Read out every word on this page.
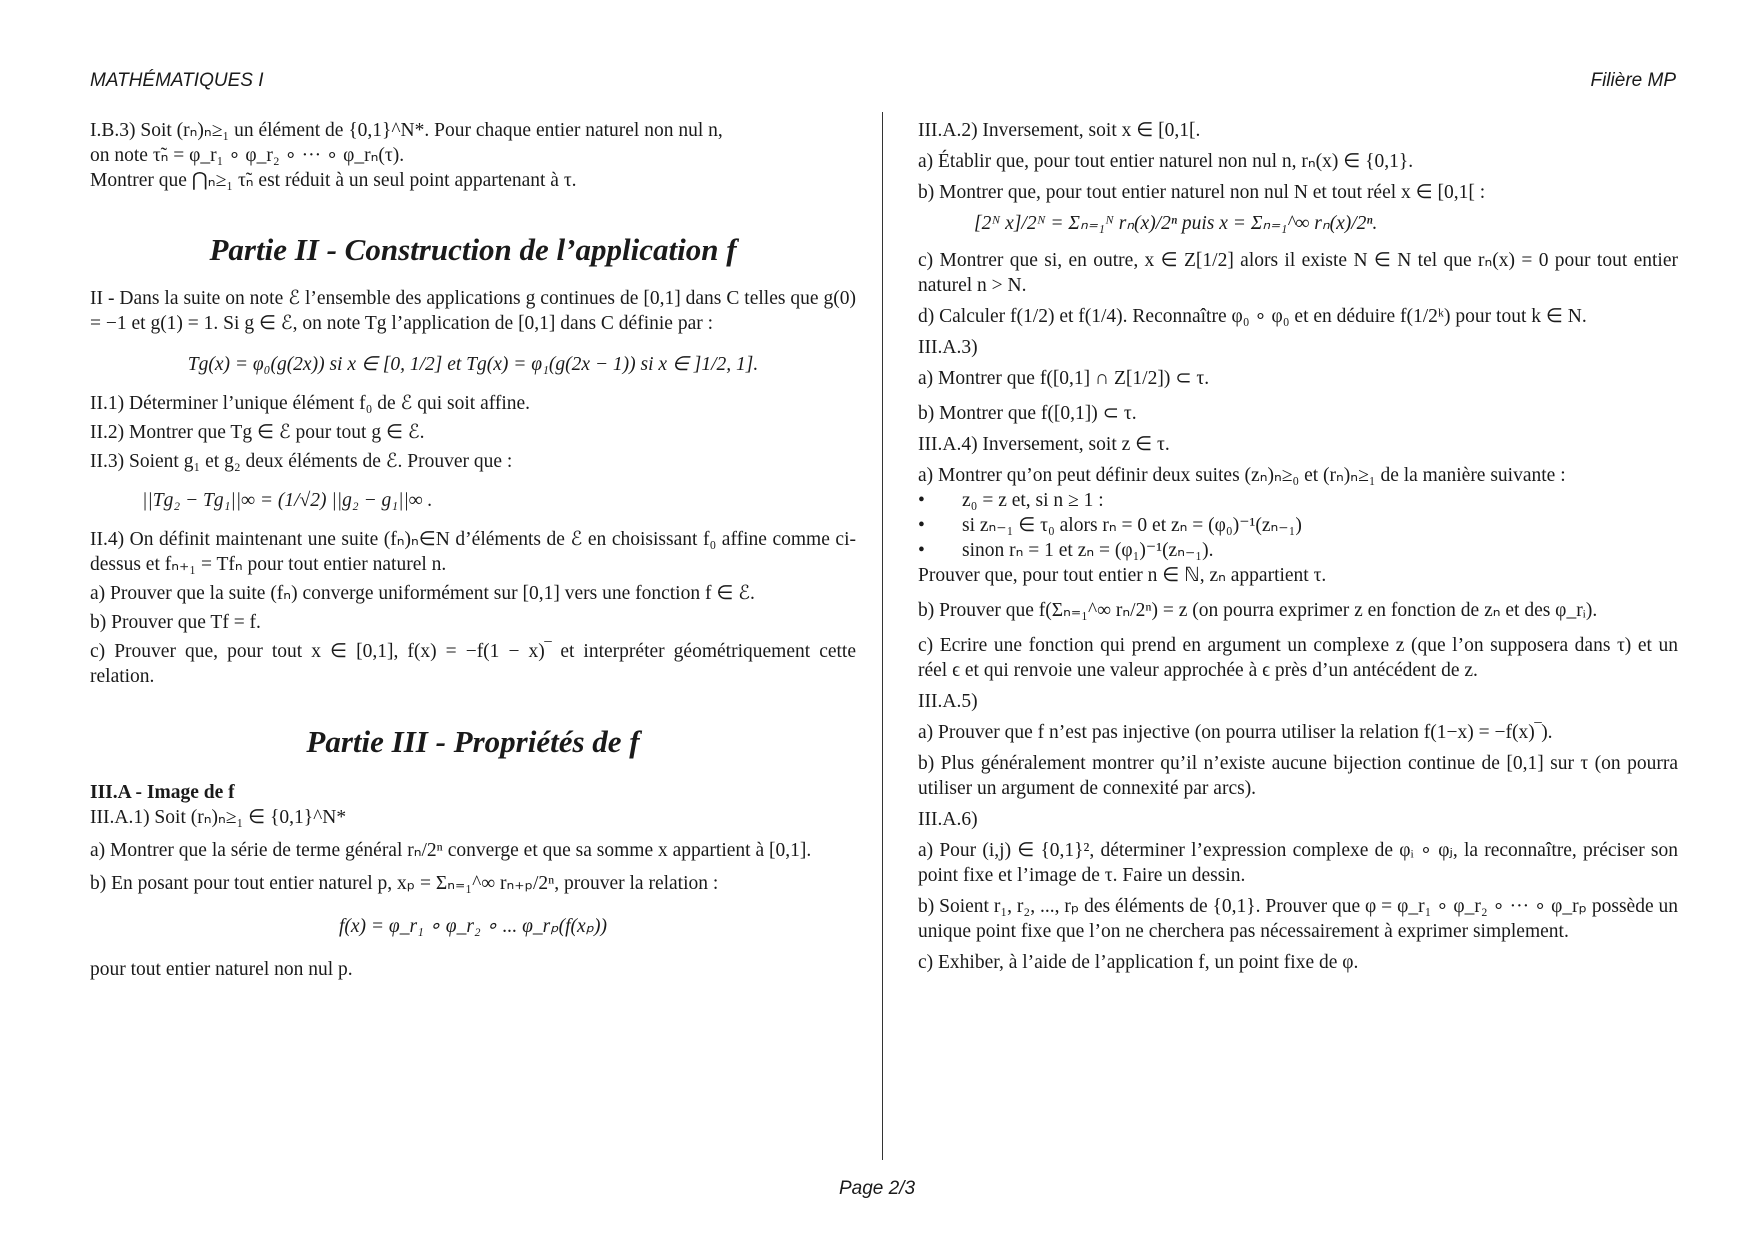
MATHÉMATIQUES I	Filière MP

I.B.3) Soit (rₙ)ₙ≥₁ un élément de {0,1}^N*. Pour chaque entier naturel non nul n,

on note τ̃ₙ = φ_r₁ ∘ φ_r₂ ∘ ··· ∘ φ_rₙ(τ).

Montrer que ⋂ₙ≥₁ τ̃ₙ est réduit à un seul point appartenant à τ.

Partie II - Construction de l’application f

II - Dans la suite on note ℰ l’ensemble des applications g continues de [0,1] dans C telles que g(0) = −1 et g(1) = 1. Si g ∈ ℰ, on note Tg l’application de [0,1] dans C définie par :

Tg(x) = φ₀(g(2x)) si x ∈ [0, 1/2] et Tg(x) = φ₁(g(2x − 1)) si x ∈ ]1/2, 1].

II.1) Déterminer l’unique élément f₀ de ℰ qui soit affine.

II.2) Montrer que Tg ∈ ℰ pour tout g ∈ ℰ.

II.3) Soient g₁ et g₂ deux éléments de ℰ. Prouver que :

||Tg₂ − Tg₁||∞ = (1/√2) ||g₂ − g₁||∞ .

II.4) On définit maintenant une suite (fₙ)ₙ∈N d’éléments de ℰ en choisissant f₀ affine comme ci-dessus et fₙ₊₁ = Tfₙ pour tout entier naturel n.

a) Prouver que la suite (fₙ) converge uniformément sur [0,1] vers une fonction f ∈ ℰ.

b) Prouver que Tf = f.

c) Prouver que, pour tout x ∈ [0,1], f(x) = −f(1 − x)‾ et interpréter géométriquement cette relation.

Partie III - Propriétés de f

III.A - Image de f

III.A.1) Soit (rₙ)ₙ≥₁ ∈ {0,1}^N*

a) Montrer que la série de terme général rₙ/2ⁿ converge et que sa somme x appartient à [0,1].

b) En posant pour tout entier naturel p, xₚ = Σₙ₌₁^∞ rₙ₊ₚ/2ⁿ, prouver la relation :

f(x) = φ_r₁ ∘ φ_r₂ ∘ ... φ_rₚ(f(xₚ))

pour tout entier naturel non nul p.

III.A.2) Inversement, soit x ∈ [0,1[.

a) Établir que, pour tout entier naturel non nul n, rₙ(x) ∈ {0,1}.

b) Montrer que, pour tout entier naturel non nul N et tout réel x ∈ [0,1[ :

[2ᴺ x]/2ᴺ = Σₙ₌₁ᴺ rₙ(x)/2ⁿ puis x = Σₙ₌₁^∞ rₙ(x)/2ⁿ.

c) Montrer que si, en outre, x ∈ Z[1/2] alors il existe N ∈ N tel que rₙ(x) = 0 pour tout entier naturel n > N.

d) Calculer f(1/2) et f(1/4). Reconnaître φ₀ ∘ φ₀ et en déduire f(1/2ᵏ) pour tout k ∈ N.

III.A.3)

a) Montrer que f([0,1] ∩ Z[1/2]) ⊂ τ.

b) Montrer que f([0,1]) ⊂ τ.

III.A.4) Inversement, soit z ∈ τ.

a) Montrer qu’on peut définir deux suites (zₙ)ₙ≥₀ et (rₙ)ₙ≥₁ de la manière suivante :

• z₀ = z et, si n ≥ 1 :

• si zₙ₋₁ ∈ τ₀ alors rₙ = 0 et zₙ = (φ₀)⁻¹(zₙ₋₁)

• sinon rₙ = 1 et zₙ = (φ₁)⁻¹(zₙ₋₁).

Prouver que, pour tout entier n ∈ ℕ, zₙ appartient τ.

b) Prouver que f(Σₙ₌₁^∞ rₙ/2ⁿ) = z (on pourra exprimer z en fonction de zₙ et des φ_rᵢ).

c) Ecrire une fonction qui prend en argument un complexe z (que l’on supposera dans τ) et un réel ϵ et qui renvoie une valeur approchée à ϵ près d’un antécédent de z.

III.A.5)

a) Prouver que f n’est pas injective (on pourra utiliser la relation f(1−x) = −f(x)‾).

b) Plus généralement montrer qu’il n’existe aucune bijection continue de [0,1] sur τ (on pourra utiliser un argument de connexité par arcs).

III.A.6)

a) Pour (i,j) ∈ {0,1}², déterminer l’expression complexe de φᵢ ∘ φⱼ, la reconnaître, préciser son point fixe et l’image de τ. Faire un dessin.

b) Soient r₁, r₂, ..., rₚ des éléments de {0,1}. Prouver que φ = φ_r₁ ∘ φ_r₂ ∘ ··· ∘ φ_rₚ possède un unique point fixe que l’on ne cherchera pas nécessairement à exprimer simplement.

c) Exhiber, à l’aide de l’application f, un point fixe de φ.

Page 2/3
